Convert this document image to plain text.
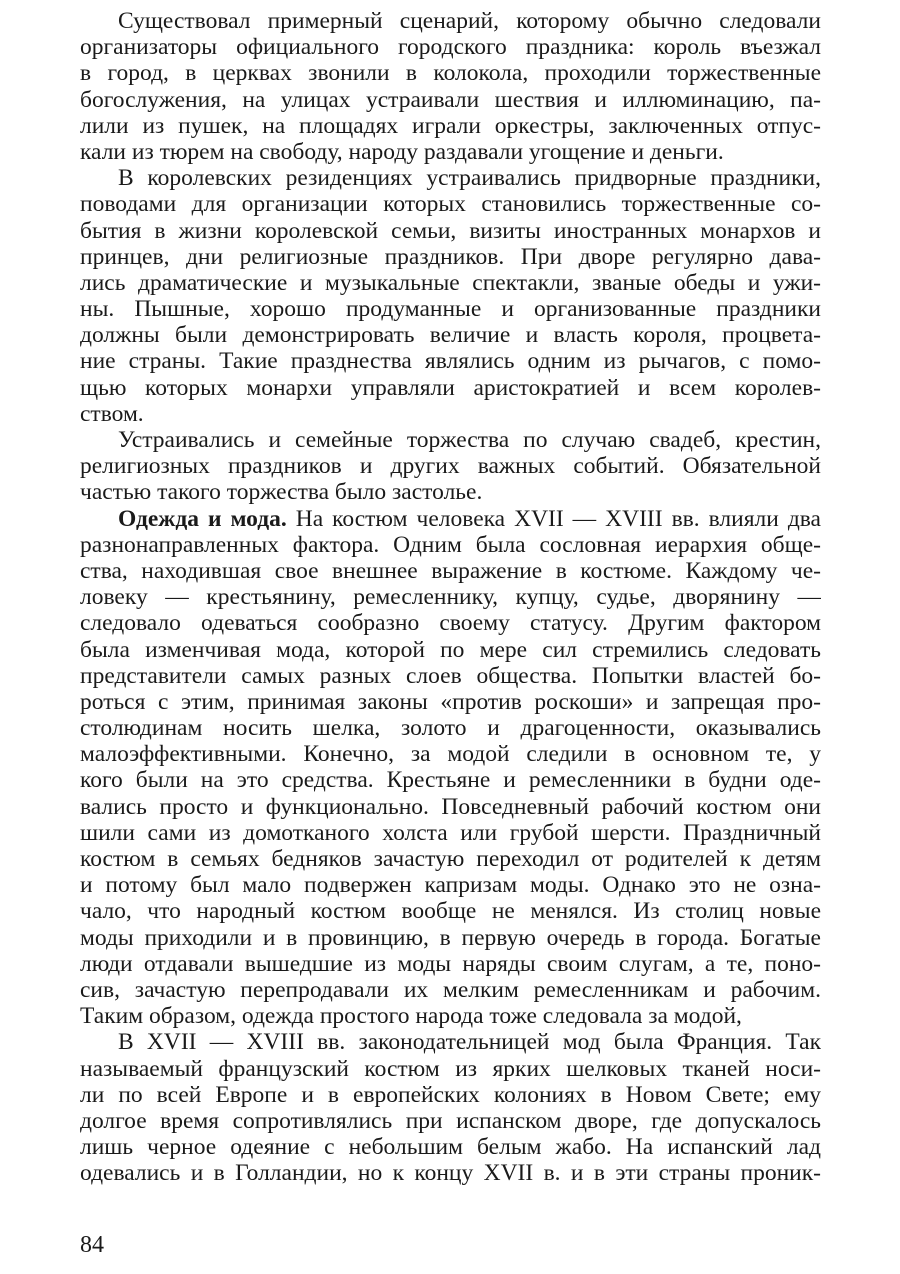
Существовал примерный сценарий, которому обычно следовали
организаторы официального городского праздника: король въезжал
в город, в церквах звонили в колокола, проходили торжественные
богослужения, на улицах устраивали шествия и иллюминацию, па-
лили из пушек, на площадях играли оркестры, заключенных отпус-
кали из тюрем на свободу, народу раздавали угощение и деньги.
В королевских резиденциях устраивались придворные праздники,
поводами для организации которых становились торжественные со-
бытия в жизни королевской семьи, визиты иностранных монархов и
принцев, дни религиозные праздников. При дворе регулярно дава-
лись драматические и музыкальные спектакли, званые обеды и ужи-
ны. Пышные, хорошо продуманные и организованные праздники
должны были демонстрировать величие и власть короля, процвета-
ние страны. Такие празднества являлись одним из рычагов, с помо-
щью которых монархи управляли аристократией и всем королев-
ством.
Устраивались и семейные торжества по случаю свадеб, крестин,
религиозных праздников и других важных событий. Обязательной
частью такого торжества было застолье.
Одежда и мода. На костюм человека XVII — XVIII вв. влияли два
разнонаправленных фактора. Одним была сословная иерархия обще-
ства, находившая свое внешнее выражение в костюме. Каждому че-
ловеку — крестьянину, ремесленнику, купцу, судье, дворянину —
следовало одеваться сообразно своему статусу. Другим фактором
была изменчивая мода, которой по мере сил стремились следовать
представители самых разных слоев общества. Попытки властей бо-
роться с этим, принимая законы «против роскоши» и запрещая про-
столюдинам носить шелка, золото и драгоценности, оказывались
малоэффективными. Конечно, за модой следили в основном те, у
кого были на это средства. Крестьяне и ремесленники в будни оде-
вались просто и функционально. Повседневный рабочий костюм они
шили сами из домотканого холста или грубой шерсти. Праздничный
костюм в семьях бедняков зачастую переходил от родителей к детям
и потому был мало подвержен капризам моды. Однако это не озна-
чало, что народный костюм вообще не менялся. Из столиц новые
моды приходили и в провинцию, в первую очередь в города. Богатые
люди отдавали вышедшие из моды наряды своим слугам, а те, поно-
сив, зачастую перепродавали их мелким ремесленникам и рабочим.
Таким образом, одежда простого народа тоже следовала за модой,
В XVII — XVIII вв. законодательницей мод была Франция. Так
называемый французский костюм из ярких шелковых тканей носи-
ли по всей Европе и в европейских колониях в Новом Свете; ему
долгое время сопротивлялись при испанском дворе, где допускалось
лишь черное одеяние с небольшим белым жабо. На испанский лад
одевались и в Голландии, но к концу XVII в. и в эти страны проник-
84
